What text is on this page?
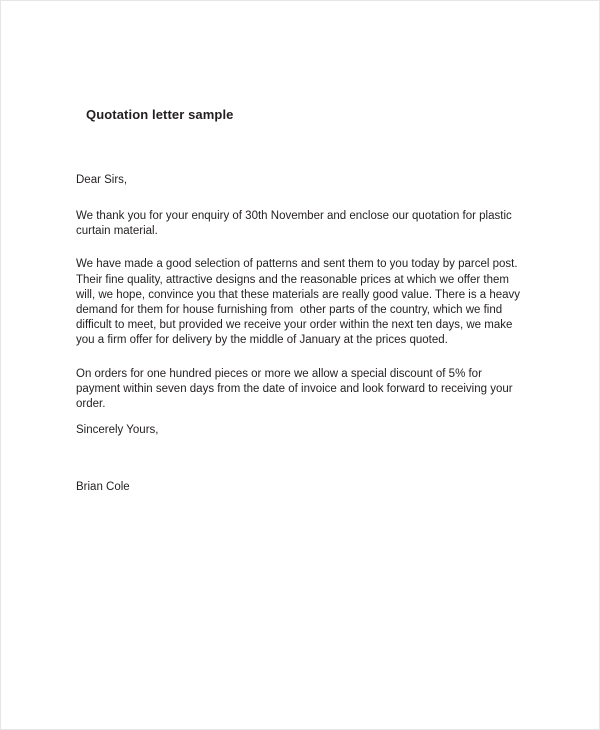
Quotation letter sample

Dear Sirs,

We thank you for your enquiry of 30th November and enclose our quotation for plastic curtain material.

We have made a good selection of patterns and sent them to you today by parcel post. Their fine quality, attractive designs and the reasonable prices at which we offer them will, we hope, convince you that these materials are really good value. There is a heavy demand for them for house furnishing from  other parts of the country, which we find difficult to meet, but provided we receive your order within the next ten days, we make you a firm offer for delivery by the middle of January at the prices quoted.

On orders for one hundred pieces or more we allow a special discount of 5% for payment within seven days from the date of invoice and look forward to receiving your order.

Sincerely Yours,

Brian Cole
